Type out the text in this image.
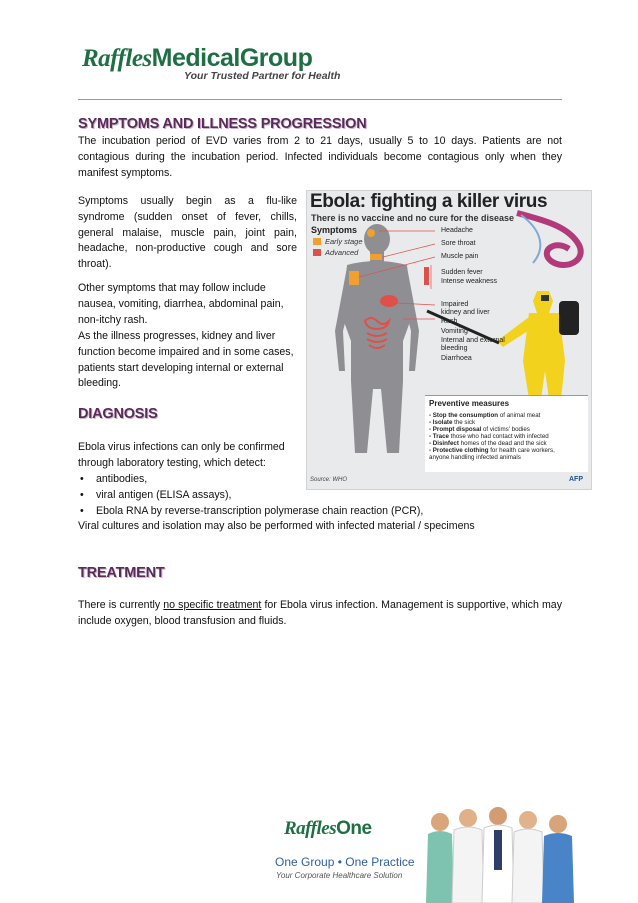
RafflesMedicalGroup
Your Trusted Partner for Health
SYMPTOMS AND ILLNESS PROGRESSION
The incubation period of EVD varies from 2 to 21 days, usually 5 to 10 days. Patients are not contagious during the incubation period. Infected individuals become contagious only when they manifest symptoms.
Symptoms usually begin as a flu-like syndrome (sudden onset of fever, chills, general malaise, muscle pain, joint pain, headache, non-productive cough and sore throat).
Other symptoms that may follow include nausea, vomiting, diarrhea, abdominal pain, non-itchy rash.
As the illness progresses, kidney and liver function become impaired and in some cases, patients start developing internal or external bleeding.
Ebola: fighting a killer virus
There is no vaccine and no cure for the disease
Symptoms
Early stage
Advanced
Headache
Sore throat
Muscle pain
Sudden fever
Intense weakness
Impaired
kidney and liver
Rash
Vomiting
Internal and external
bleeding
Diarrhoea
Preventive measures
- Stop the consumption of animal meat
- Isolate the sick
- Prompt disposal of victims' bodies
- Trace those who had contact with infected
- Disinfect homes of the dead and the sick
- Protective clothing for health care workers,
anyone handling infected animals
Source: WHO	AFP
DIAGNOSIS
Ebola virus infections can only be confirmed through laboratory testing, which detect:
• antibodies,
• viral antigen (ELISA assays),
• Ebola RNA by reverse-transcription polymerase chain reaction (PCR),
Viral cultures and isolation may also be performed with infected material / specimens
TREATMENT
There is currently no specific treatment for Ebola virus infection. Management is supportive, which may include oxygen, blood transfusion and fluids.
RafflesOne
One Group • One Practice
Your Corporate Healthcare Solution
